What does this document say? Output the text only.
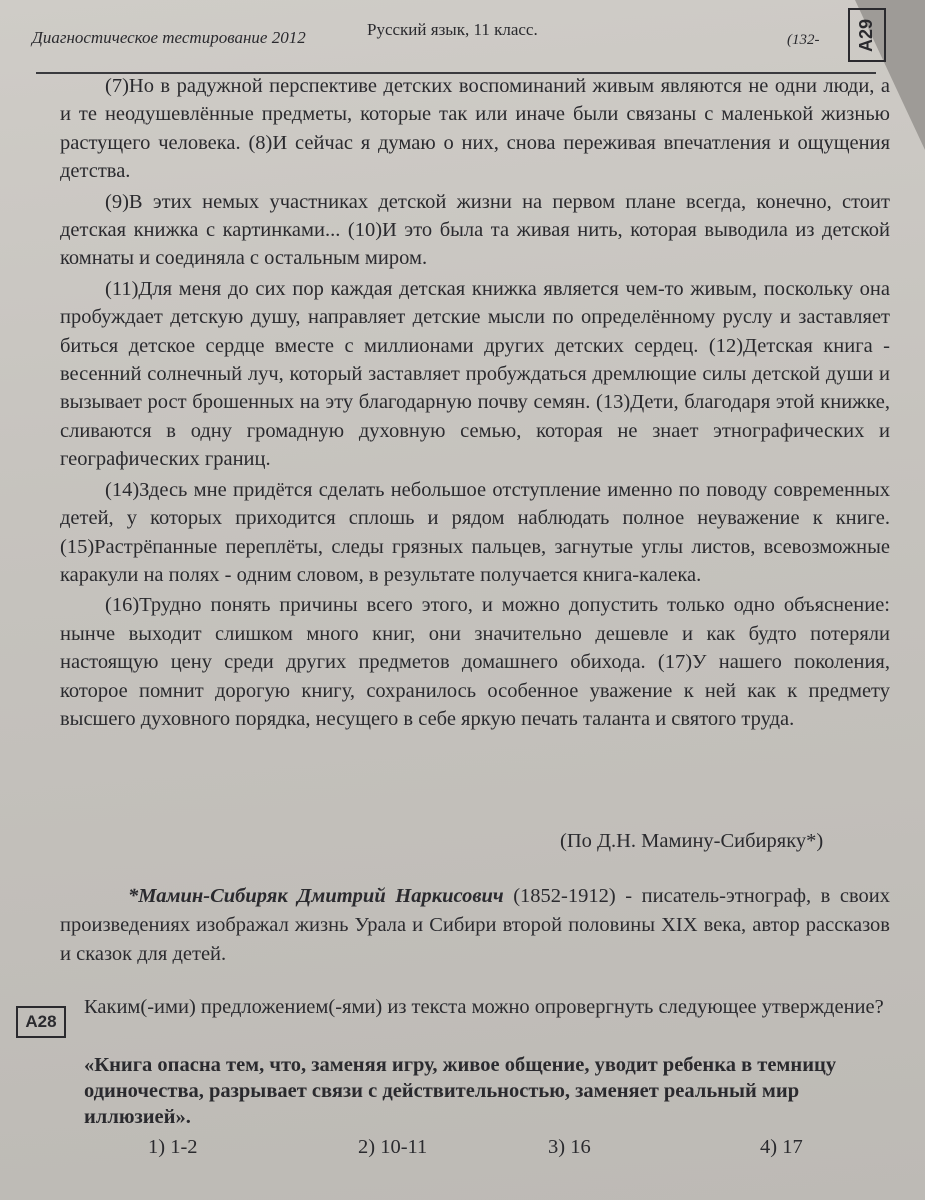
Диагностическое тестирование 2012	Русский язык, 11 класс.
(132- A29

(7)Но в радужной перспективе детских воспоминаний живым являются не одни люди, а и те неодушевлённые предметы, которые так или иначе были связаны с маленькой жизнью растущего человека. (8)И сейчас я думаю о них, снова переживая впечатления и ощущения детства.

(9)В этих немых участниках детской жизни на первом плане всегда, конечно, стоит детская книжка с картинками... (10)И это была та живая нить, которая выводила из детской комнаты и соединяла с остальным миром.

(11)Для меня до сих пор каждая детская книжка является чем-то живым, поскольку она пробуждает детскую душу, направляет детские мысли по определённому руслу и заставляет биться детское сердце вместе с миллионами других детских сердец. (12)Детская книга - весенний солнечный луч, который заставляет пробуждаться дремлющие силы детской души и вызывает рост брошенных на эту благодарную почву семян. (13)Дети, благодаря этой книжке, сливаются в одну громадную духовную семью, которая не знает этнографических и географических границ.

(14)Здесь мне придётся сделать небольшое отступление именно по поводу современных детей, у которых приходится сплошь и рядом наблюдать полное неуважение к книге. (15)Растрёпанные переплёты, следы грязных пальцев, загнутые углы листов, всевозможные каракули на полях - одним словом, в результате получается книга-калека.

(16)Трудно понять причины всего этого, и можно допустить только одно объяснение: нынче выходит слишком много книг, они значительно дешевле и как будто потеряли настоящую цену среди других предметов домашнего обихода. (17)У нашего поколения, которое помнит дорогую книгу, сохранилось особенное уважение к ней как к предмету высшего духовного порядка, несущего в себе яркую печать таланта и святого труда.

(По Д.Н. Мамину-Сибиряку*)
*Мамин-Сибиряк Дмитрий Наркисович (1852-1912) - писатель-этнограф, в своих произведениях изображал жизнь Урала и Сибири второй половины XIX века, автор рассказов и сказок для детей.
A28
Каким(-ими) предложением(-ями) из текста можно опровергнуть следующее утверждение?
«Книга опасна тем, что, заменяя игру, живое общение, уводит ребенка в темницу одиночества, разрывает связи с действительностью, заменяет реальный мир иллюзией».
1) 1-2	2) 10-11	3) 16	4) 17
